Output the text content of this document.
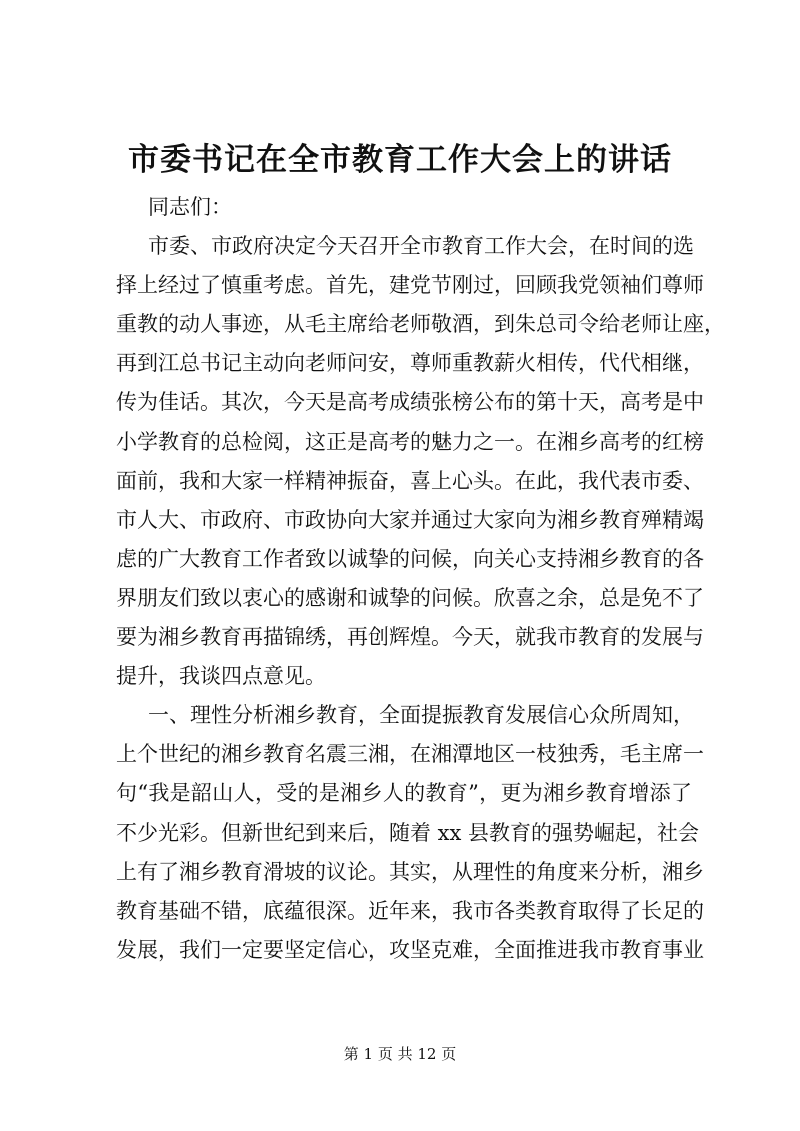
市委书记在全市教育工作大会上的讲话
同志们：
市委、市政府决定今天召开全市教育工作大会，在时间的选
择上经过了慎重考虑。首先，建党节刚过，回顾我党领袖们尊师
重教的动人事迹，从毛主席给老师敬酒，到朱总司令给老师让座，
再到江总书记主动向老师问安，尊师重教薪火相传，代代相继，
传为佳话。其次，今天是高考成绩张榜公布的第十天，高考是中
小学教育的总检阅，这正是高考的魅力之一。在湘乡高考的红榜
面前，我和大家一样精神振奋，喜上心头。在此，我代表市委、
市人大、市政府、市政协向大家并通过大家向为湘乡教育殚精竭
虑的广大教育工作者致以诚挚的问候，向关心支持湘乡教育的各
界朋友们致以衷心的感谢和诚挚的问候。欣喜之余，总是免不了
要为湘乡教育再描锦绣，再创辉煌。今天，就我市教育的发展与
提升，我谈四点意见。
一、理性分析湘乡教育，全面提振教育发展信心众所周知，
上个世纪的湘乡教育名震三湘，在湘潭地区一枝独秀，毛主席一
句“我是韶山人，受的是湘乡人的教育”，更为湘乡教育增添了
不少光彩。但新世纪到来后，随着 xx 县教育的强势崛起，社会
上有了湘乡教育滑坡的议论。其实，从理性的角度来分析，湘乡
教育基础不错，底蕴很深。近年来，我市各类教育取得了长足的
发展，我们一定要坚定信心，攻坚克难，全面推进我市教育事业
第 1 页 共 12 页
